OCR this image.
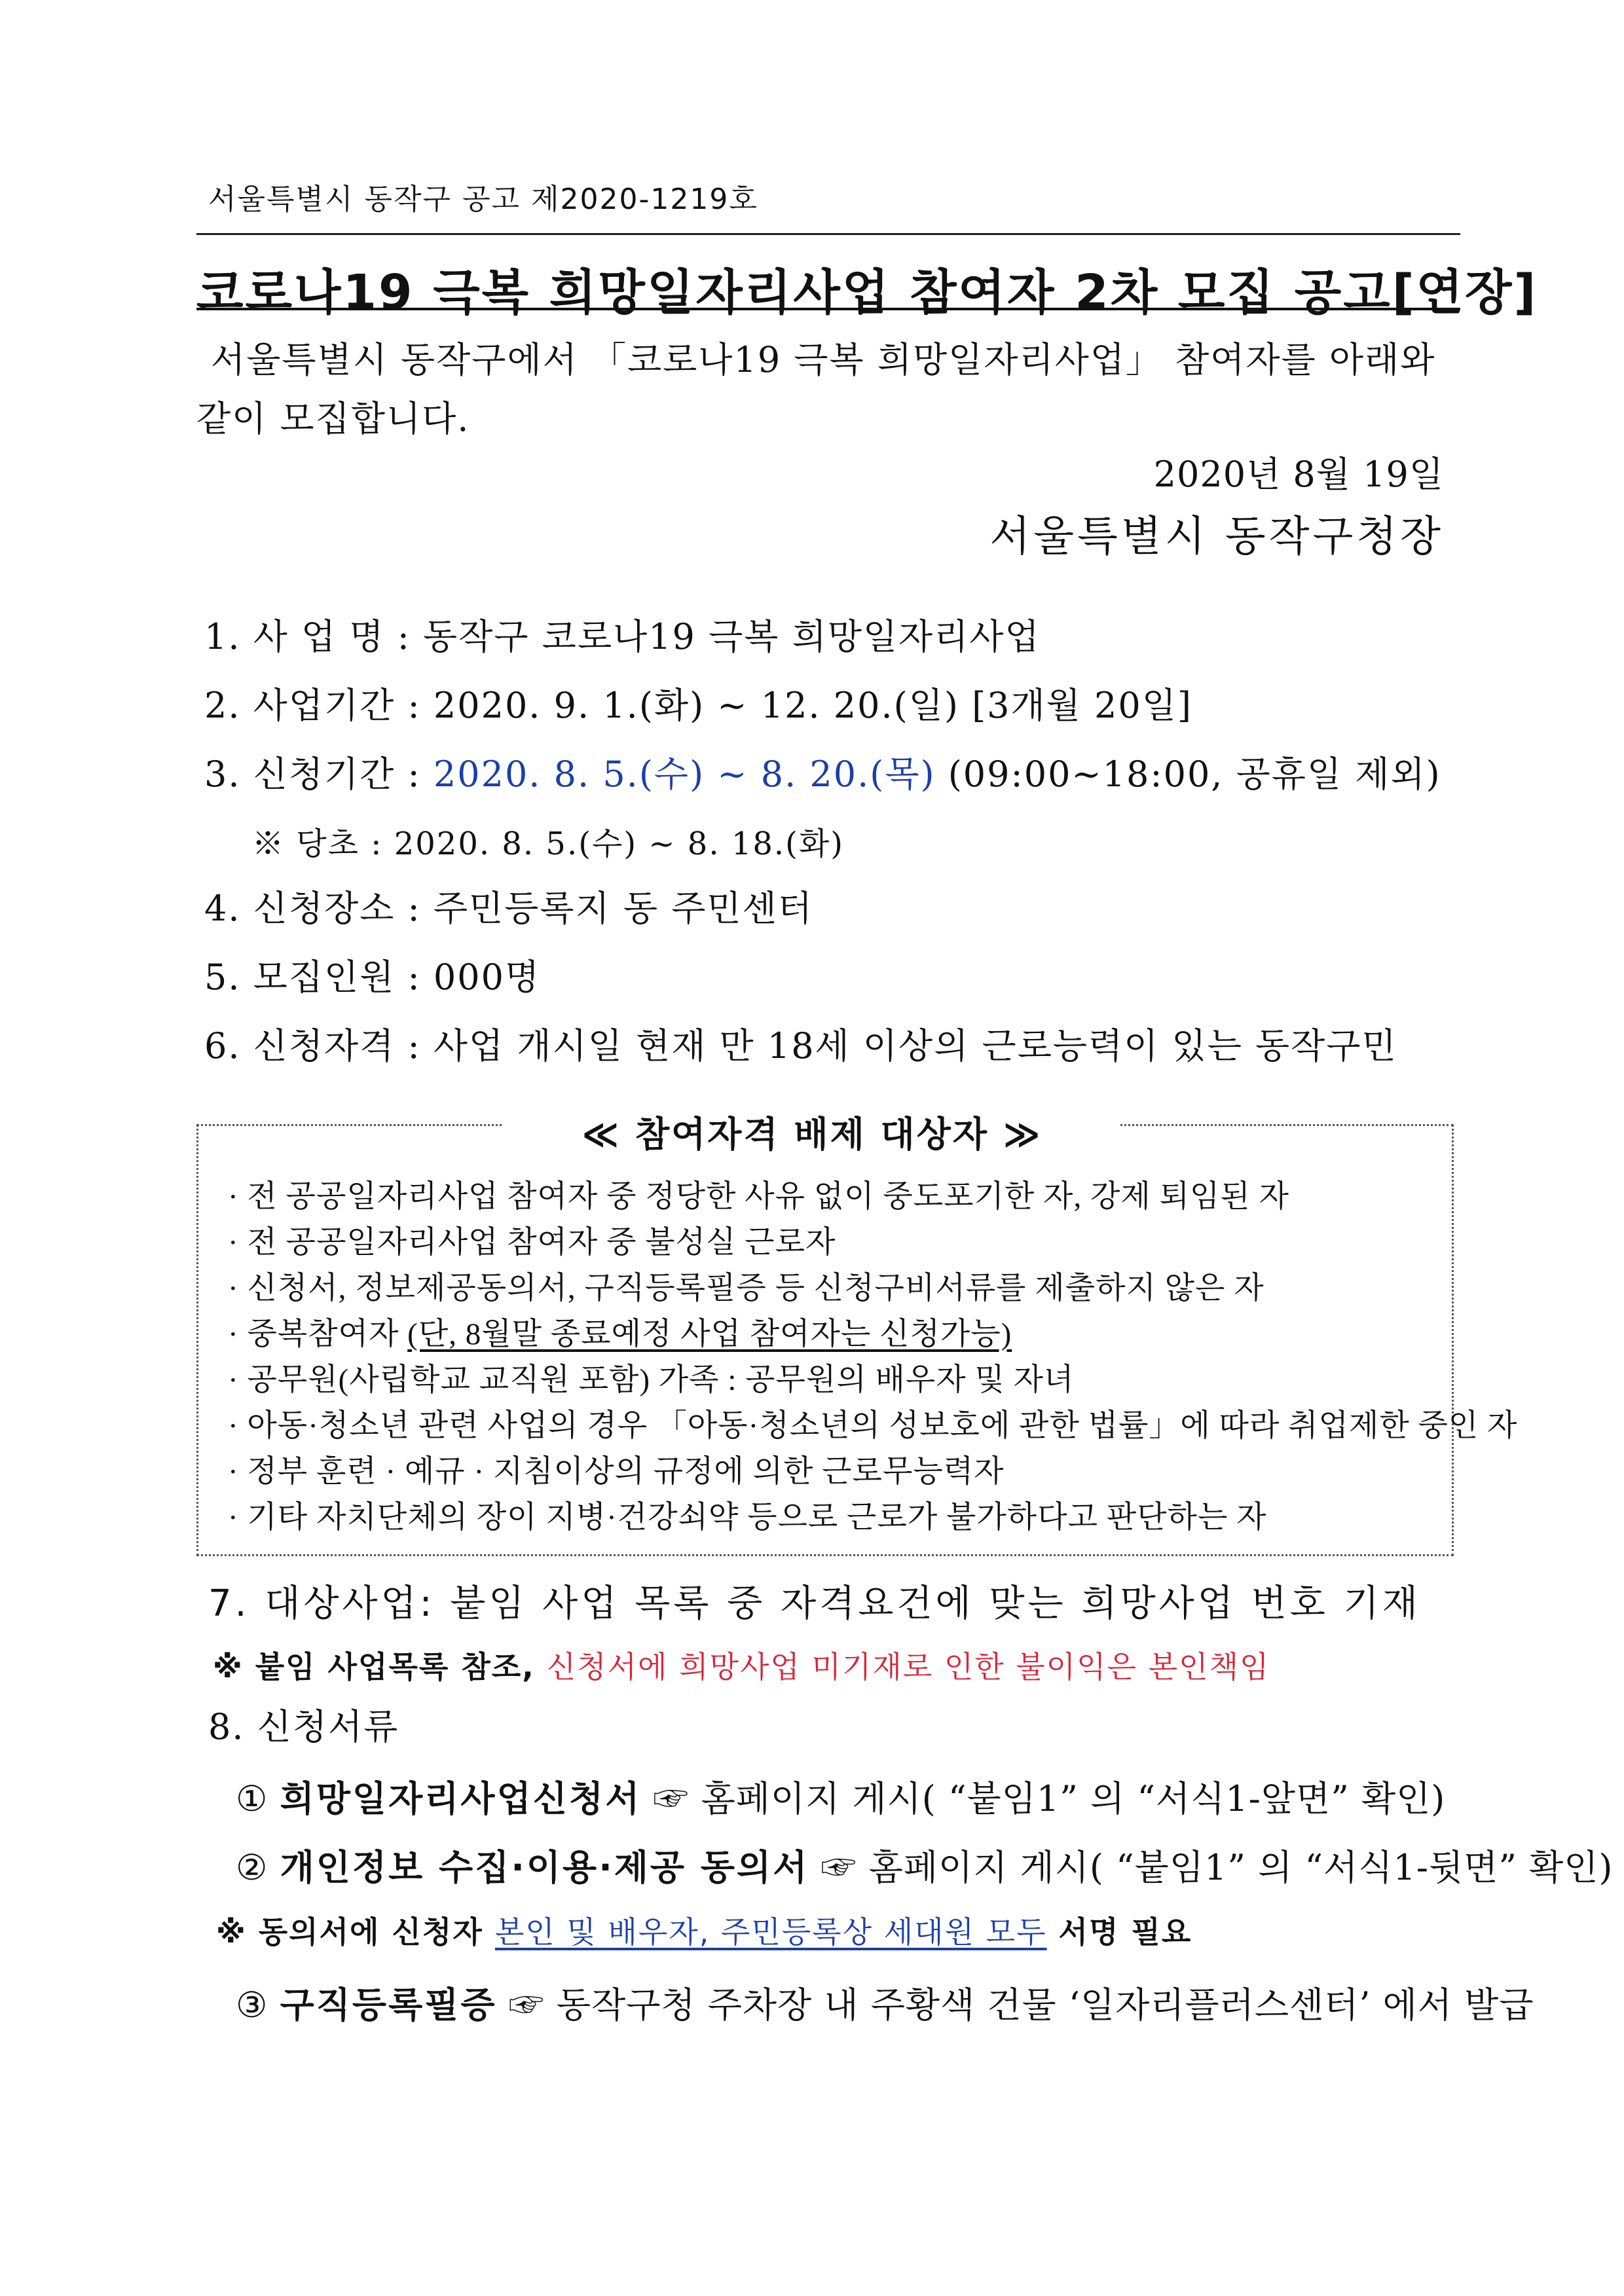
서울특별시 동작구 공고 제2020-1219호
코로나19 극복 희망일자리사업 참여자 2차 모집 공고[연장]
서울특별시 동작구에서 「코로나19 극복 희망일자리사업」 참여자를 아래와 같이 모집합니다.
2020년 8월 19일
서울특별시 동작구청장
1. 사 업 명 : 동작구 코로나19 극복 희망일자리사업
2. 사업기간 : 2020. 9. 1.(화) ~ 12. 20.(일) [3개월 20일]
3. 신청기간 : 2020. 8. 5.(수) ~ 8. 20.(목) (09:00~18:00, 공휴일 제외)
※ 당초 : 2020. 8. 5.(수) ~ 8. 18.(화)
4. 신청장소 : 주민등록지 동 주민센터
5. 모집인원 : 000명
6. 신청자격 : 사업 개시일 현재 만 18세 이상의 근로능력이 있는 동작구민
≪ 참여자격 배제 대상자 ≫
· 전 공공일자리사업 참여자 중 정당한 사유 없이 중도포기한 자, 강제 퇴임된 자
· 전 공공일자리사업 참여자 중 불성실 근로자
· 신청서, 정보제공동의서, 구직등록필증 등 신청구비서류를 제출하지 않은 자
· 중복참여자 (단, 8월말 종료예정 사업 참여자는 신청가능)
· 공무원(사립학교 교직원 포함) 가족 : 공무원의 배우자 및 자녀
· 아동·청소년 관련 사업의 경우 「아동·청소년의 성보호에 관한 법률」에 따라 취업제한 중인 자
· 정부 훈련 · 예규 · 지침이상의 규정에 의한 근로무능력자
· 기타 자치단체의 장이 지병·건강쇠약 등으로 근로가 불가하다고 판단하는 자
7. 대상사업: 붙임 사업 목록 중 자격요건에 맞는 희망사업 번호 기재
※ 붙임 사업목록 참조, 신청서에 희망사업 미기재로 인한 불이익은 본인책임
8. 신청서류
① 희망일자리사업신청서 ☞ 홈페이지 게시( “붙임1” 의 “서식1-앞면” 확인)
② 개인정보 수집·이용·제공 동의서 ☞ 홈페이지 게시( “붙임1” 의 “서식1-뒷면” 확인)
※ 동의서에 신청자 본인 및 배우자, 주민등록상 세대원 모두 서명 필요
③ 구직등록필증 ☞ 동작구청 주차장 내 주황색 건물 ‘일자리플러스센터’ 에서 발급
